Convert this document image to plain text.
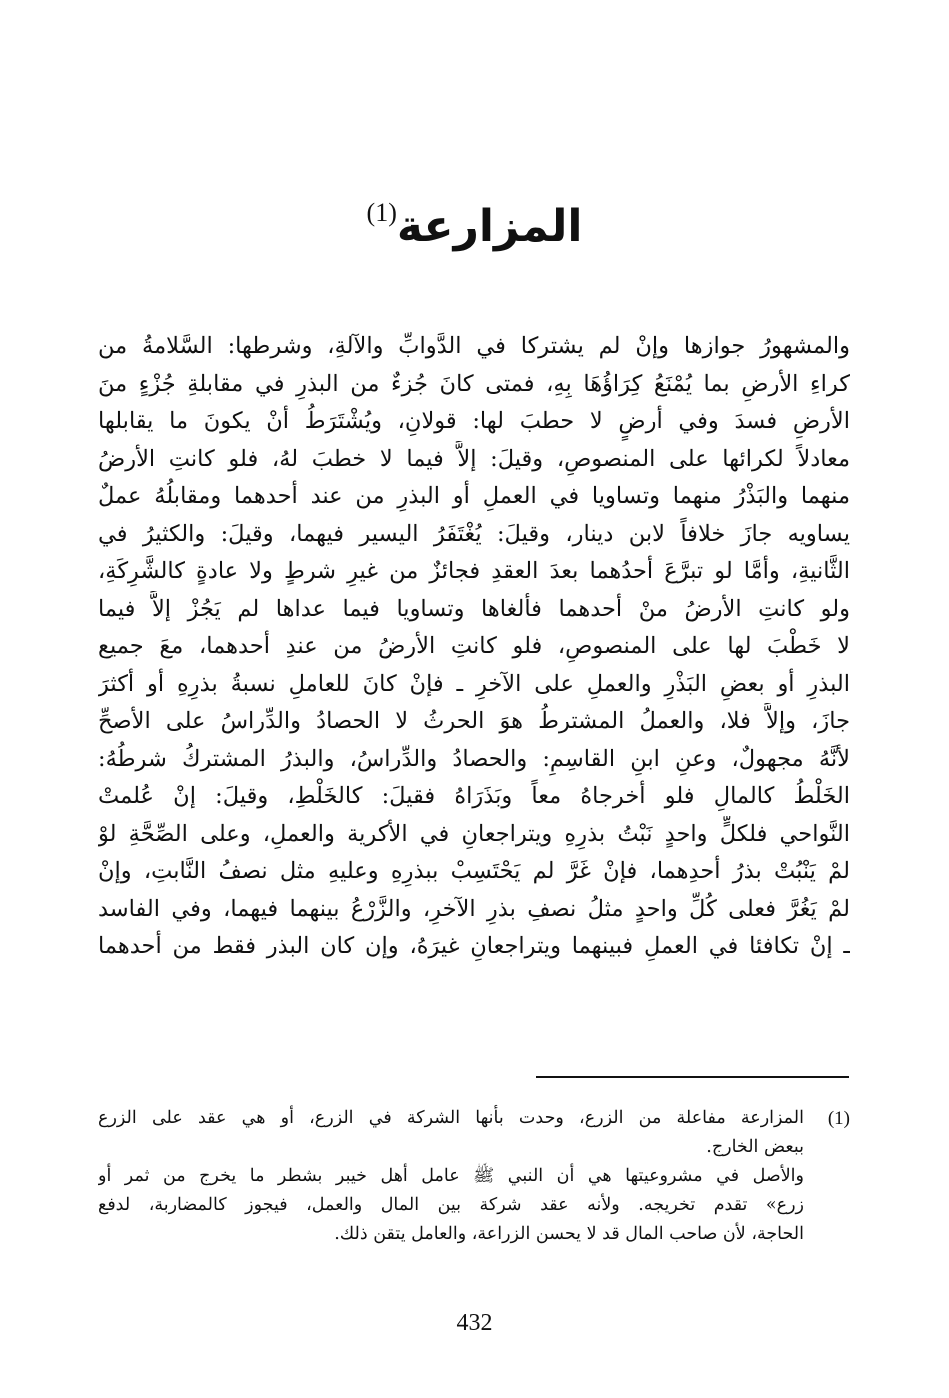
المزارعة$^{(1)}$
والمشهورُ جوازها وإنْ لم يشتركا في الدَّوابِّ والآلةِ، وشرطها: السَّلامةُ من
كراءِ الأرضِ بما يُمْنَعُ كِرَاؤُهَا بِهِ، فمتى كانَ جُزءٌ من البذرِ في مقابلةِ جُزْءٍ منَ
الأرضِ فسدَ وفي أرضٍ لا حطبَ لها: قولانِ، ويُشْتَرَطُ أنْ يكونَ ما يقابلها
معادلاً لكرائها على المنصوصِ، وقيلَ: إلاَّ فيما لا خطبَ لهُ، فلو كانتِ الأرضُ
منهما والبَذْرُ منهما وتساويا في العملِ أو البذرِ من عند أحدهما ومقابلُهُ عملٌ
يساويه جازَ خلافاً لابن دينار، وقيلَ: يُغْتَفَرُ اليسير فيهما، وقيلَ: والكثيرُ في
الثَّانيةِ، وأمَّا لو تبرَّعَ أحدُهما بعدَ العقدِ فجائزٌ من غيرِ شرطٍ ولا عادةٍ كالشَّرِكَةِ،
ولو كانتِ الأرضُ منْ أحدهما فألغاها وتساويا فيما عداها لم يَجُزْ إلاَّ فيما
لا خَطْبَ لها على المنصوصِ، فلو كانتِ الأرضُ من عندِ أحدهما، معَ جميع
البذرِ أو بعضِ البَذْرِ والعملِ على الآخرِ ـ فإنْ كانَ للعاملِ نسبةُ بذرِهِ أو أكثرَ
جازَ، وإلاَّ فلا، والعملُ المشترطُ هوَ الحرثُ لا الحصادُ والدِّراسُ على الأصحِّ
لأنَّهُ مجهولٌ، وعنِ ابنِ القاسِمِ: والحصادُ والدِّراسُ، والبذرُ المشتركُ شرطُهُ:
الخَلْطُ كالمالِ فلو أخرجاهُ معاً وبَذَرَاهُ فقيلَ: كالخَلْطِ، وقيلَ: إنْ عُلمتْ
النَّواحي فلكلٍّ واحدٍ نَبْتُ بذرِهِ ويتراجعانِ في الأكرية والعملِ، وعلى الصِّحَّةِ لوْ
لمْ يَنْبُتْ بذرُ أحدِهما، فإنْ غَرَّ لم يَحْتَسِبْ ببذرِهِ وعليهِ مثل نصفُ النَّابتِ، وإنْ
لمْ يَغُرَّ فعلى كُلِّ واحدٍ مثلُ نصفِ بذرِ الآخرِ، والزَّرْعُ بينهما فيهما، وفي الفاسد
ـ إنْ تكافئا في العملِ فبينهما ويتراجعانِ غيرَهُ، وإن كان البذر فقط من أحدهما
(1)
المزارعة مفاعلة من الزرع، وحدت بأنها الشركة في الزرع، أو هي عقد على الزرع
ببعض الخارج.
والأصل في مشروعيتها هي أن النبي ﷺ عامل أهل خيبر بشطر ما يخرج من ثمر أو
زرع» تقدم تخريجه. ولأنه عقد شركة بين المال والعمل، فيجوز كالمضاربة، لدفع
الحاجة، لأن صاحب المال قد لا يحسن الزراعة، والعامل يتقن ذلك.
432
